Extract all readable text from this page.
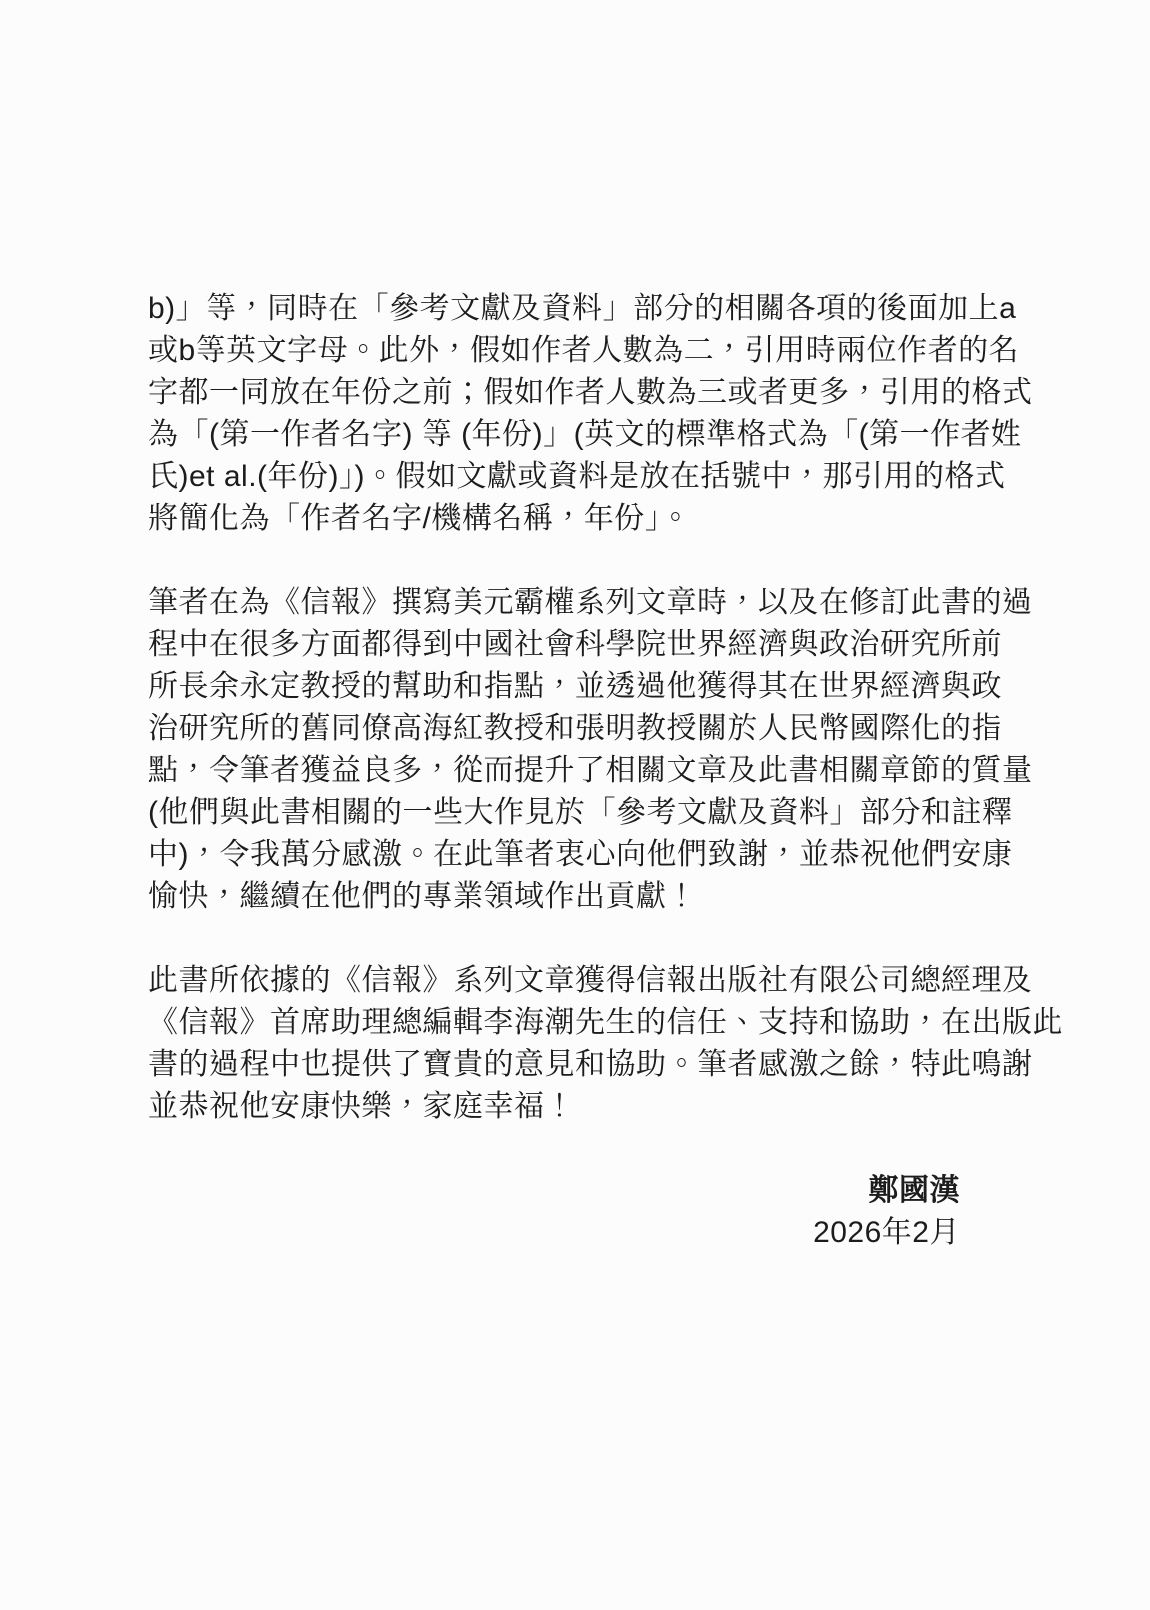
b)」等，同時在「參考文獻及資料」部分的相關各項的後面加上a
或b等英文字母。此外，假如作者人數為二，引用時兩位作者的名
字都一同放在年份之前；假如作者人數為三或者更多，引用的格式
為「(第一作者名字) 等 (年份)」(英文的標準格式為「(第一作者姓
氏)et al.(年份)」)。假如文獻或資料是放在括號中，那引用的格式
將簡化為「作者名字/機構名稱，年份」。
筆者在為《信報》撰寫美元霸權系列文章時，以及在修訂此書的過
程中在很多方面都得到中國社會科學院世界經濟與政治研究所前
所長余永定教授的幫助和指點，並透過他獲得其在世界經濟與政
治研究所的舊同僚高海紅教授和張明教授關於人民幣國際化的指
點，令筆者獲益良多，從而提升了相關文章及此書相關章節的質量
(他們與此書相關的一些大作見於「參考文獻及資料」部分和註釋
中)，令我萬分感激。在此筆者衷心向他們致謝，並恭祝他們安康
愉快，繼續在他們的專業領域作出貢獻！
此書所依據的《信報》系列文章獲得信報出版社有限公司總經理及
《信報》首席助理總編輯李海潮先生的信任、支持和協助，在出版此
書的過程中也提供了寶貴的意見和協助。筆者感激之餘，特此鳴謝
並恭祝他安康快樂，家庭幸福！
鄭國漢
2026年2月
